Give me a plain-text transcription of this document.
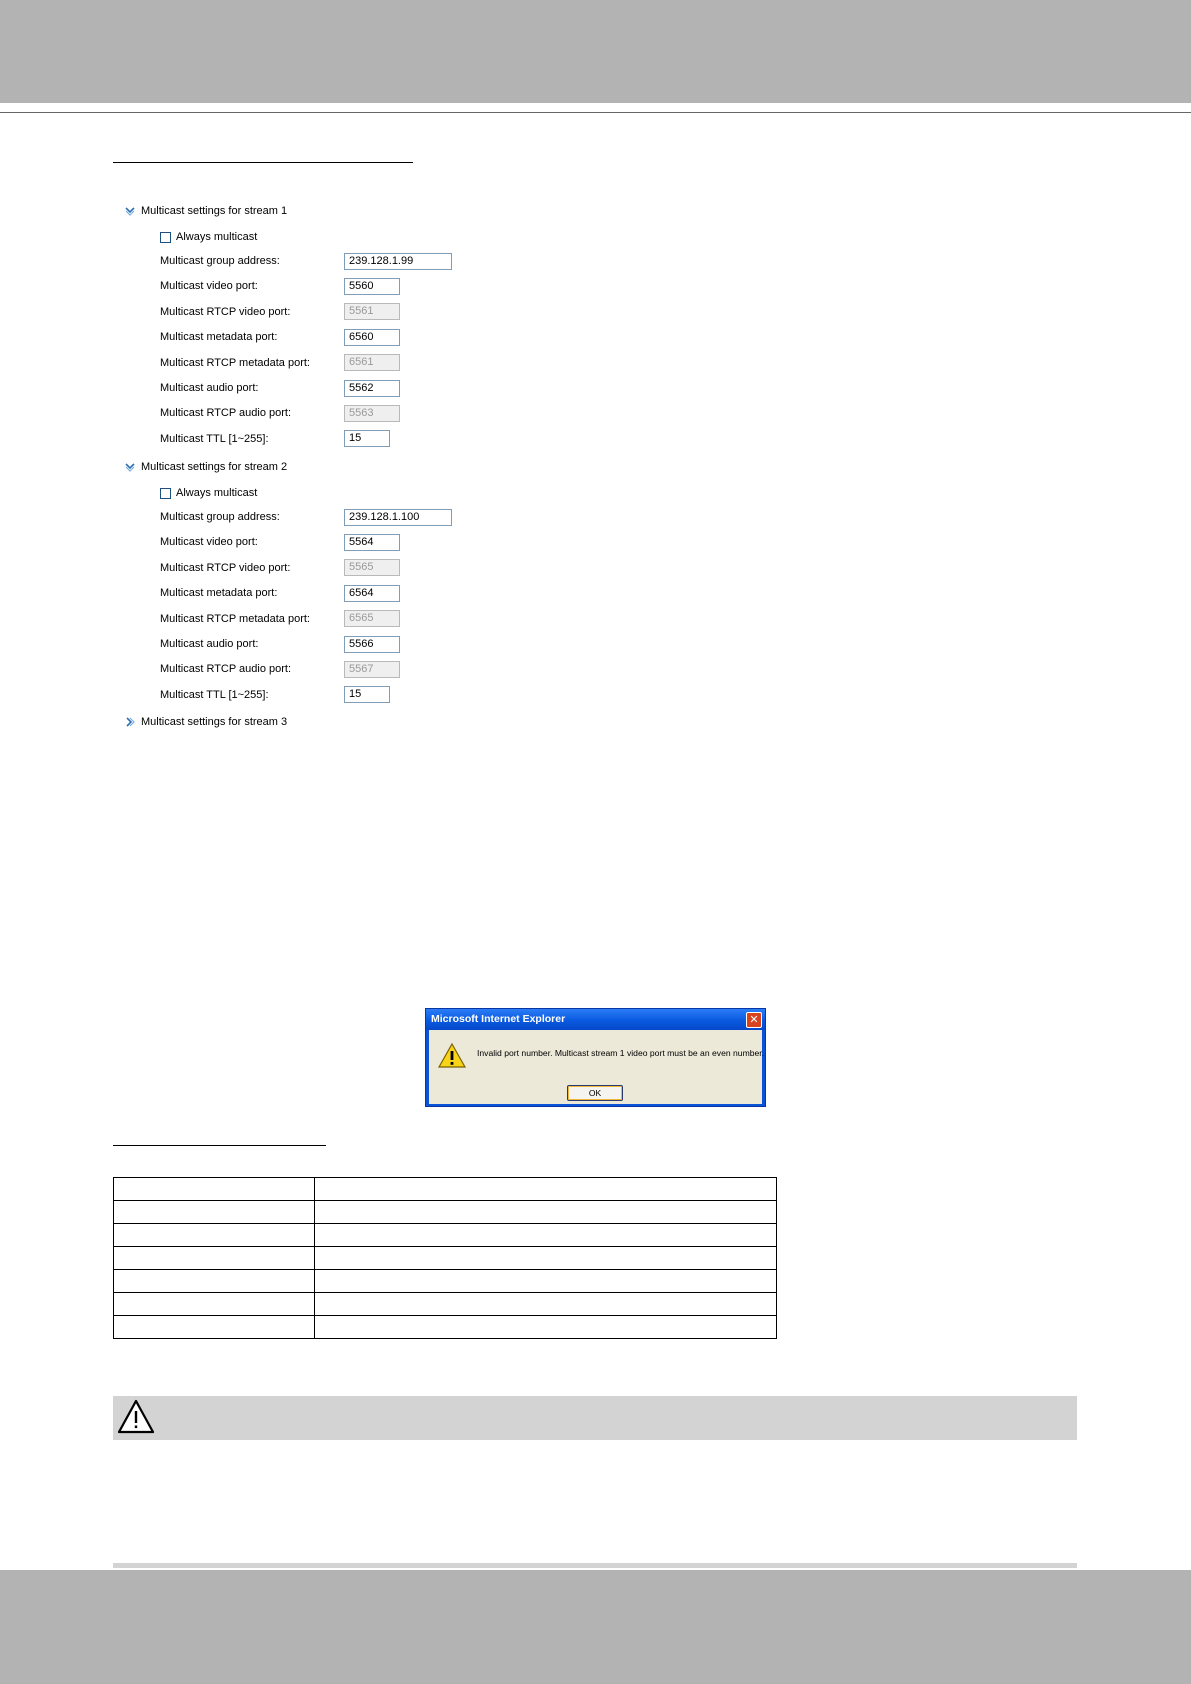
Multicast settings for stream 1
Always multicast
Multicast group address:	239.128.1.99
Multicast video port:	5560
Multicast RTCP video port:	5561
Multicast metadata port:	6560
Multicast RTCP metadata port:	6561
Multicast audio port:	5562
Multicast RTCP audio port:	5563
Multicast TTL [1~255]:	15
Multicast settings for stream 2
Always multicast
Multicast group address:	239.128.1.100
Multicast video port:	5564
Multicast RTCP video port:	5565
Multicast metadata port:	6564
Multicast RTCP metadata port:	6565
Multicast audio port:	5566
Multicast RTCP audio port:	5567
Multicast TTL [1~255]:	15
Multicast settings for stream 3
Microsoft Internet Explorer	✕
Invalid port number. Multicast stream 1 video port must be an even number.
OK
